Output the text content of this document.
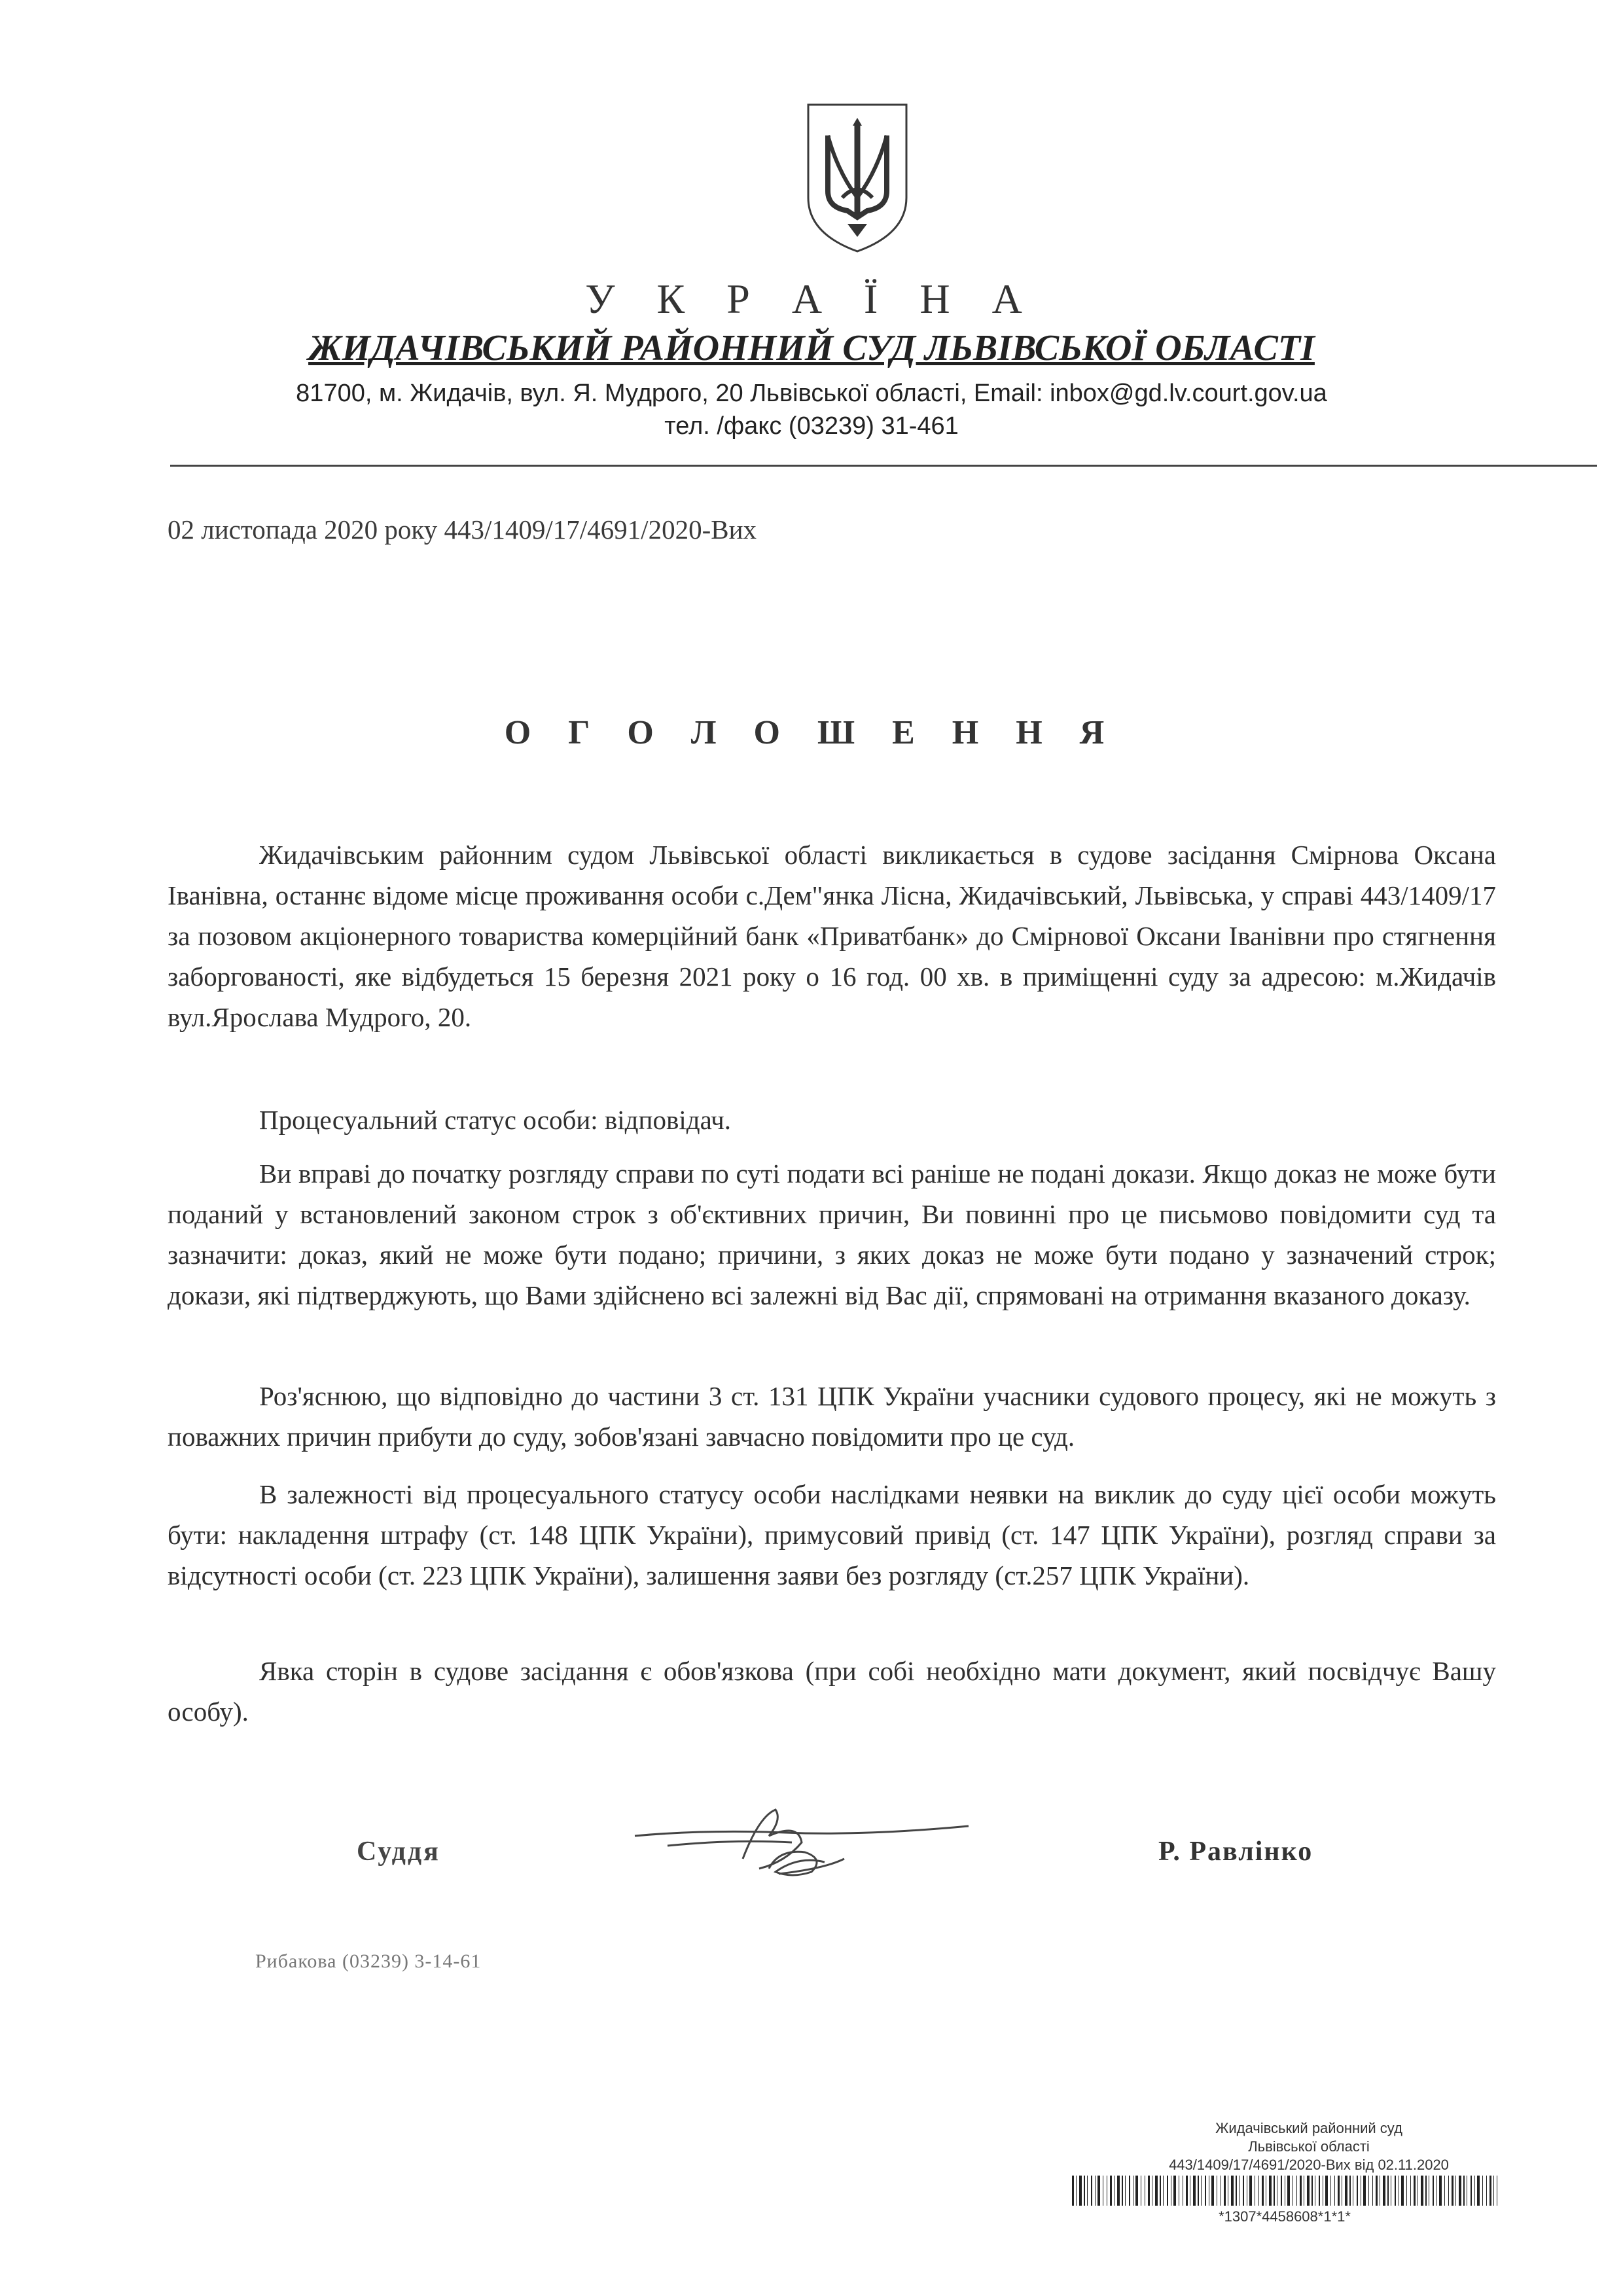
У К Р А Ї Н А
ЖИДАЧІВСЬКИЙ РАЙОННИЙ СУД ЛЬВІВСЬКОЇ ОБЛАСТІ
81700, м. Жидачів, вул. Я. Мудрого, 20 Львівської області, Email: inbox@gd.lv.court.gov.ua
тел. /факс (03239) 31-461
02 листопада 2020 року 443/1409/17/4691/2020-Вих
О Г О Л О Ш Е Н Н Я
Жидачівським районним судом Львівської області викликається в судове засідання Смірнова Оксана Іванівна, останнє відоме місце проживання особи с.Дем"янка Лісна, Жидачівський, Львівська, у справі 443/1409/17 за позовом акціонерного товариства комерційний банк «Приватбанк» до Смірнової Оксани Іванівни про стягнення заборгованості, яке відбудеться 15 березня 2021 року о 16 год. 00 хв. в приміщенні суду за адресою: м.Жидачів вул.Ярослава Мудрого, 20.
Процесуальний статус особи: відповідач.
Ви вправі до початку розгляду справи по суті подати всі раніше не подані докази. Якщо доказ не може бути поданий у встановлений законом строк з об'єктивних причин, Ви повинні про це письмово повідомити суд та зазначити: доказ, який не може бути подано; причини, з яких доказ не може бути подано у зазначений строк; докази, які підтверджують, що Вами здійснено всі залежні від Вас дії, спрямовані на отримання вказаного доказу.
Роз'яснюю, що відповідно до частини 3 ст. 131 ЦПК України учасники судового процесу, які не можуть з поважних причин прибути до суду, зобов'язані завчасно повідомити про це суд.
В залежності від процесуального статусу особи наслідками неявки на виклик до суду цієї особи можуть бути: накладення штрафу (ст. 148 ЦПК України), примусовий привід (ст. 147 ЦПК України), розгляд справи за відсутності особи (ст. 223 ЦПК України), залишення заяви без розгляду (ст.257 ЦПК України).
Явка сторін в судове засідання є обов'язкова (при собі необхідно мати документ, який посвідчує Вашу особу).
Суддя	Р. Равлінко
Рибакова (03239) 3-14-61
Жидачівський районний суд
Львівської області
443/1409/17/4691/2020-Вих від 02.11.2020
*1307*4458608*1*1*
